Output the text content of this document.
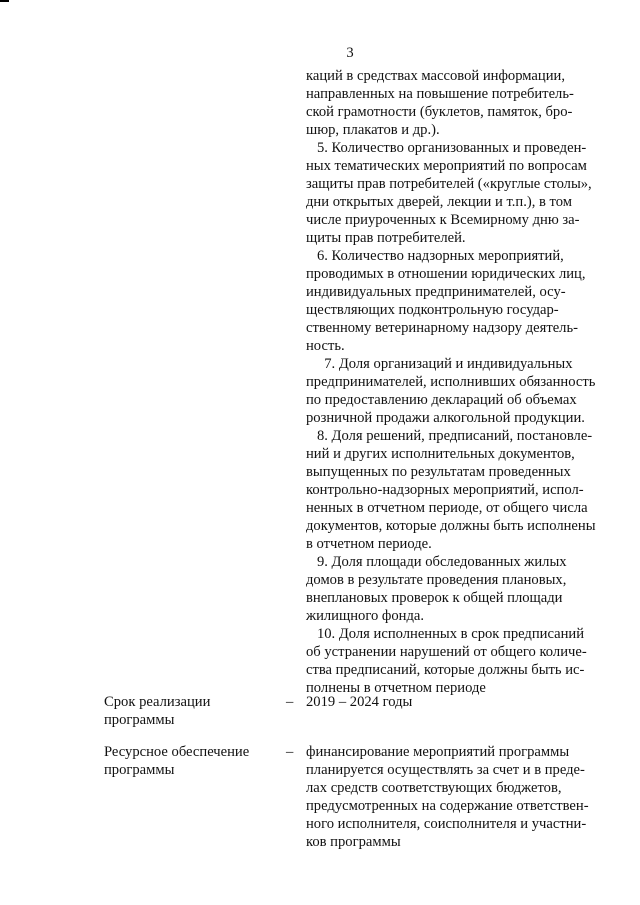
3
каций в средствах массовой информации,
направленных на повышение потребитель-
ской грамотности (буклетов, памяток, бро-
шюр, плакатов и др.).
5. Количество организованных и проведен-
ных тематических мероприятий по вопросам
защиты прав потребителей («круглые столы»,
дни открытых дверей, лекции и т.п.), в том
числе приуроченных к Всемирному дню за-
щиты прав потребителей.
6. Количество надзорных мероприятий,
проводимых в отношении юридических лиц,
индивидуальных предпринимателей, осу-
ществляющих подконтрольную государ-
ственному ветеринарному надзору деятель-
ность.
7. Доля организаций и индивидуальных
предпринимателей, исполнивших обязанность
по предоставлению деклараций об объемах
розничной продажи алкогольной продукции.
8. Доля решений, предписаний, постановле-
ний и других исполнительных документов,
выпущенных по результатам проведенных
контрольно-надзорных мероприятий, испол-
ненных в отчетном периоде, от общего числа
документов, которые должны быть исполнены
в отчетном периоде.
9. Доля площади обследованных жилых
домов в результате проведения плановых,
внеплановых проверок к общей площади
жилищного фонда.
10. Доля исполненных в срок предписаний
об устранении нарушений от общего количе-
ства предписаний, которые должны быть ис-
полнены в отчетном периоде
Срок реализации
программы
– 2019 – 2024 годы
Ресурсное обеспечение
программы
– финансирование мероприятий программы
планируется осуществлять за счет и в преде-
лах средств соответствующих бюджетов,
предусмотренных на содержание ответствен-
ного исполнителя, соисполнителя и участни-
ков программы
